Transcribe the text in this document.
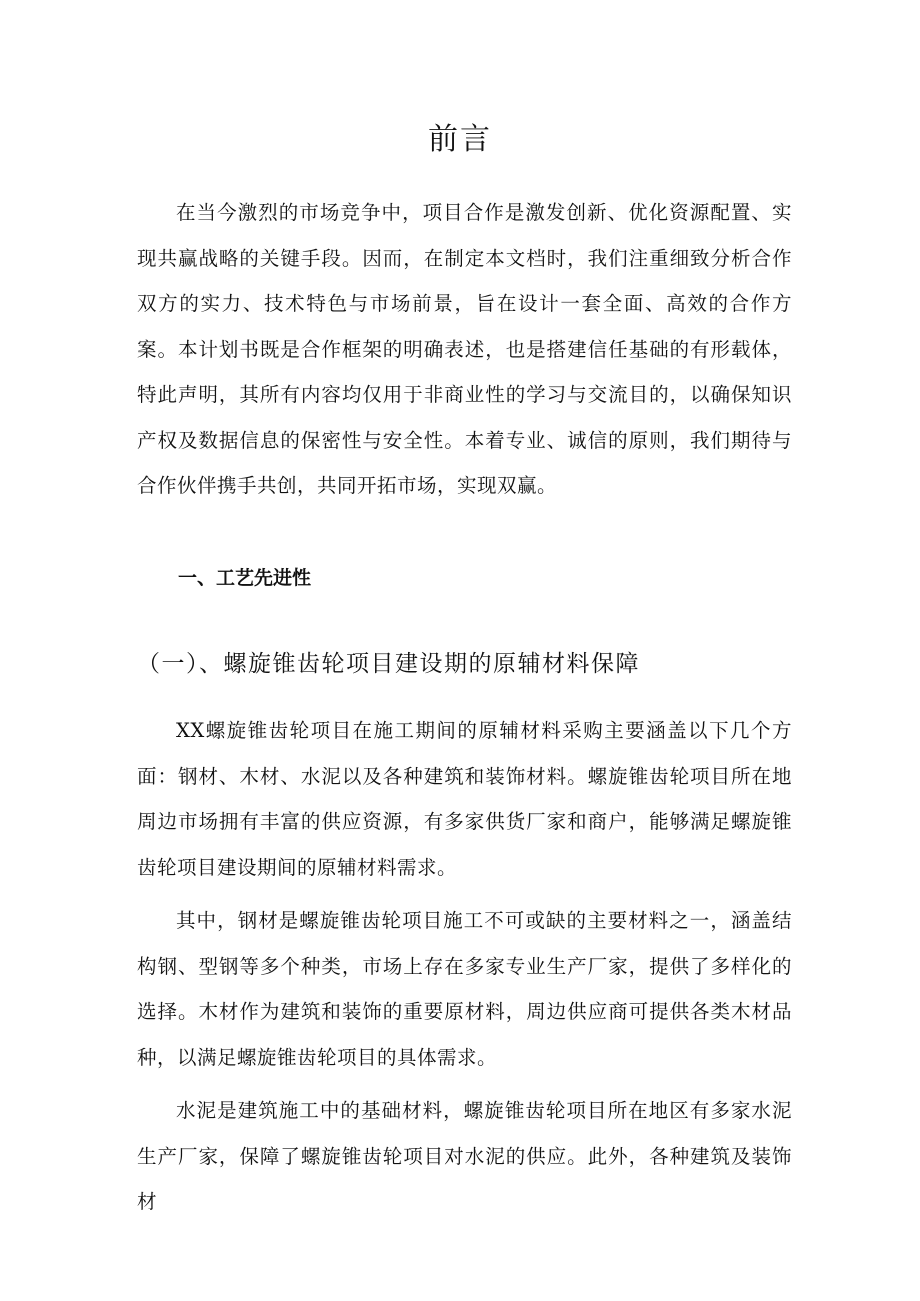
前言

在当今激烈的市场竞争中，项目合作是激发创新、优化资源配置、实现共赢战略的关键手段。因而，在制定本文档时，我们注重细致分析合作双方的实力、技术特色与市场前景，旨在设计一套全面、高效的合作方案。本计划书既是合作框架的明确表述，也是搭建信任基础的有形载体，特此声明，其所有内容均仅用于非商业性的学习与交流目的，以确保知识产权及数据信息的保密性与安全性。本着专业、诚信的原则，我们期待与合作伙伴携手共创，共同开拓市场，实现双赢。

一、工艺先进性
（一）、螺旋锥齿轮项目建设期的原辅材料保障

XX螺旋锥齿轮项目在施工期间的原辅材料采购主要涵盖以下几个方面：钢材、木材、水泥以及各种建筑和装饰材料。螺旋锥齿轮项目所在地周边市场拥有丰富的供应资源，有多家供货厂家和商户，能够满足螺旋锥齿轮项目建设期间的原辅材料需求。

其中，钢材是螺旋锥齿轮项目施工不可或缺的主要材料之一，涵盖结构钢、型钢等多个种类，市场上存在多家专业生产厂家，提供了多样化的选择。木材作为建筑和装饰的重要原材料，周边供应商可提供各类木材品种，以满足螺旋锥齿轮项目的具体需求。

水泥是建筑施工中的基础材料，螺旋锥齿轮项目所在地区有多家水泥生产厂家，保障了螺旋锥齿轮项目对水泥的供应。此外，各种建筑及装饰材
